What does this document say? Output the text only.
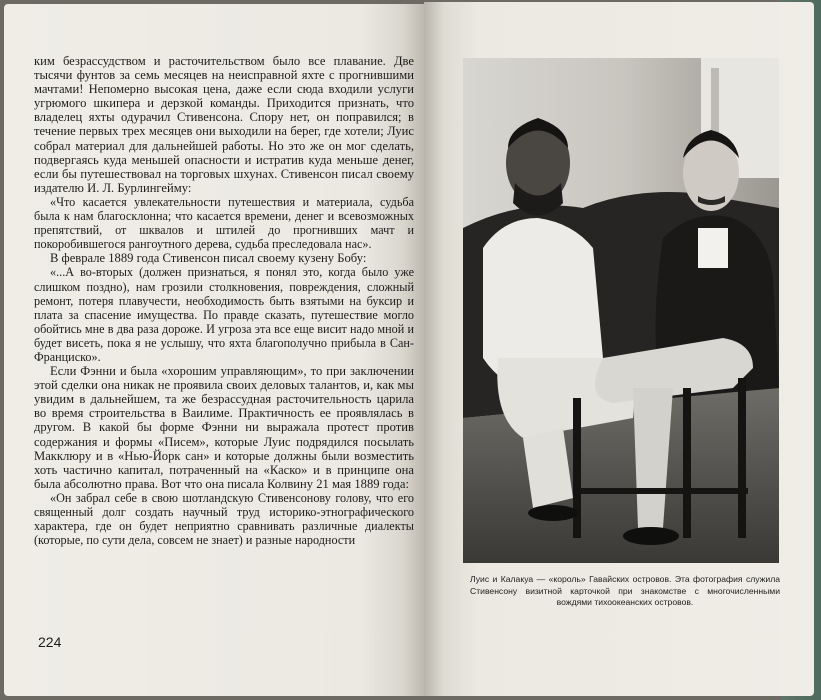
ким безрассудством и расточительством было все плавание. Две тысячи фунтов за семь месяцев на неисправной яхте с прогнившими мачтами! Непомерно высокая цена, даже если сюда входили услуги угрюмого шкипера и дерзкой команды. Приходится признать, что владелец яхты одурачил Стивенсона. Спору нет, он поправился; в течение первых трех месяцев они выходили на берег, где хотели; Луис собрал материал для дальнейшей работы. Но это же он мог сделать, подвергаясь куда меньшей опасности и истратив куда меньше денег, если бы путешествовал на торговых шхунах. Стивенсон писал своему издателю И. Л. Бурлингейму:

«Что касается увлекательности путешествия и материала, судьба была к нам благосклонна; что касается времени, денег и всевозможных препятствий, от шквалов и штилей до прогнивших мачт и покоробившегося рангоутного дерева, судьба преследовала нас».

В феврале 1889 года Стивенсон писал своему кузену Бобу:

«...А во-вторых (должен признаться, я понял это, когда было уже слишком поздно), нам грозили столкновения, повреждения, сложный ремонт, потеря плавучести, необходимость быть взятыми на буксир и плата за спасение имущества. По правде сказать, путешествие могло обойтись мне в два раза дороже. И угроза эта все еще висит надо мной и будет висеть, пока я не услышу, что яхта благополучно прибыла в Сан-Франциско».

Если Фэнни и была «хорошим управляющим», то при заключении этой сделки она никак не проявила своих деловых талантов, и, как мы увидим в дальнейшем, та же безрассудная расточительность царила во время строительства в Ваилиме. Практичность ее проявлялась в другом. В какой бы форме Фэнни ни выражала протест против содержания и формы «Писем», которые Луис подрядился посылать Макклюру и в «Нью-Йорк сан» и которые должны были возместить хоть частично капитал, потраченный на «Каско» и в принципе она была абсолютно права. Вот что она писала Колвину 21 мая 1889 года:

«Он забрал себе в свою шотландскую Стивенсонову голову, что его священный долг создать научный труд историко-этнографического характера, где он будет неприятно сравнивать различные диалекты (которые, по сути дела, совсем не знает) и разные народности

224
Луис и Калакуа — «король» Гавайских островов. Эта фотография служила Стивенсону визитной карточкой при знакомстве с многочисленными вождями тихоокеанских островов.
